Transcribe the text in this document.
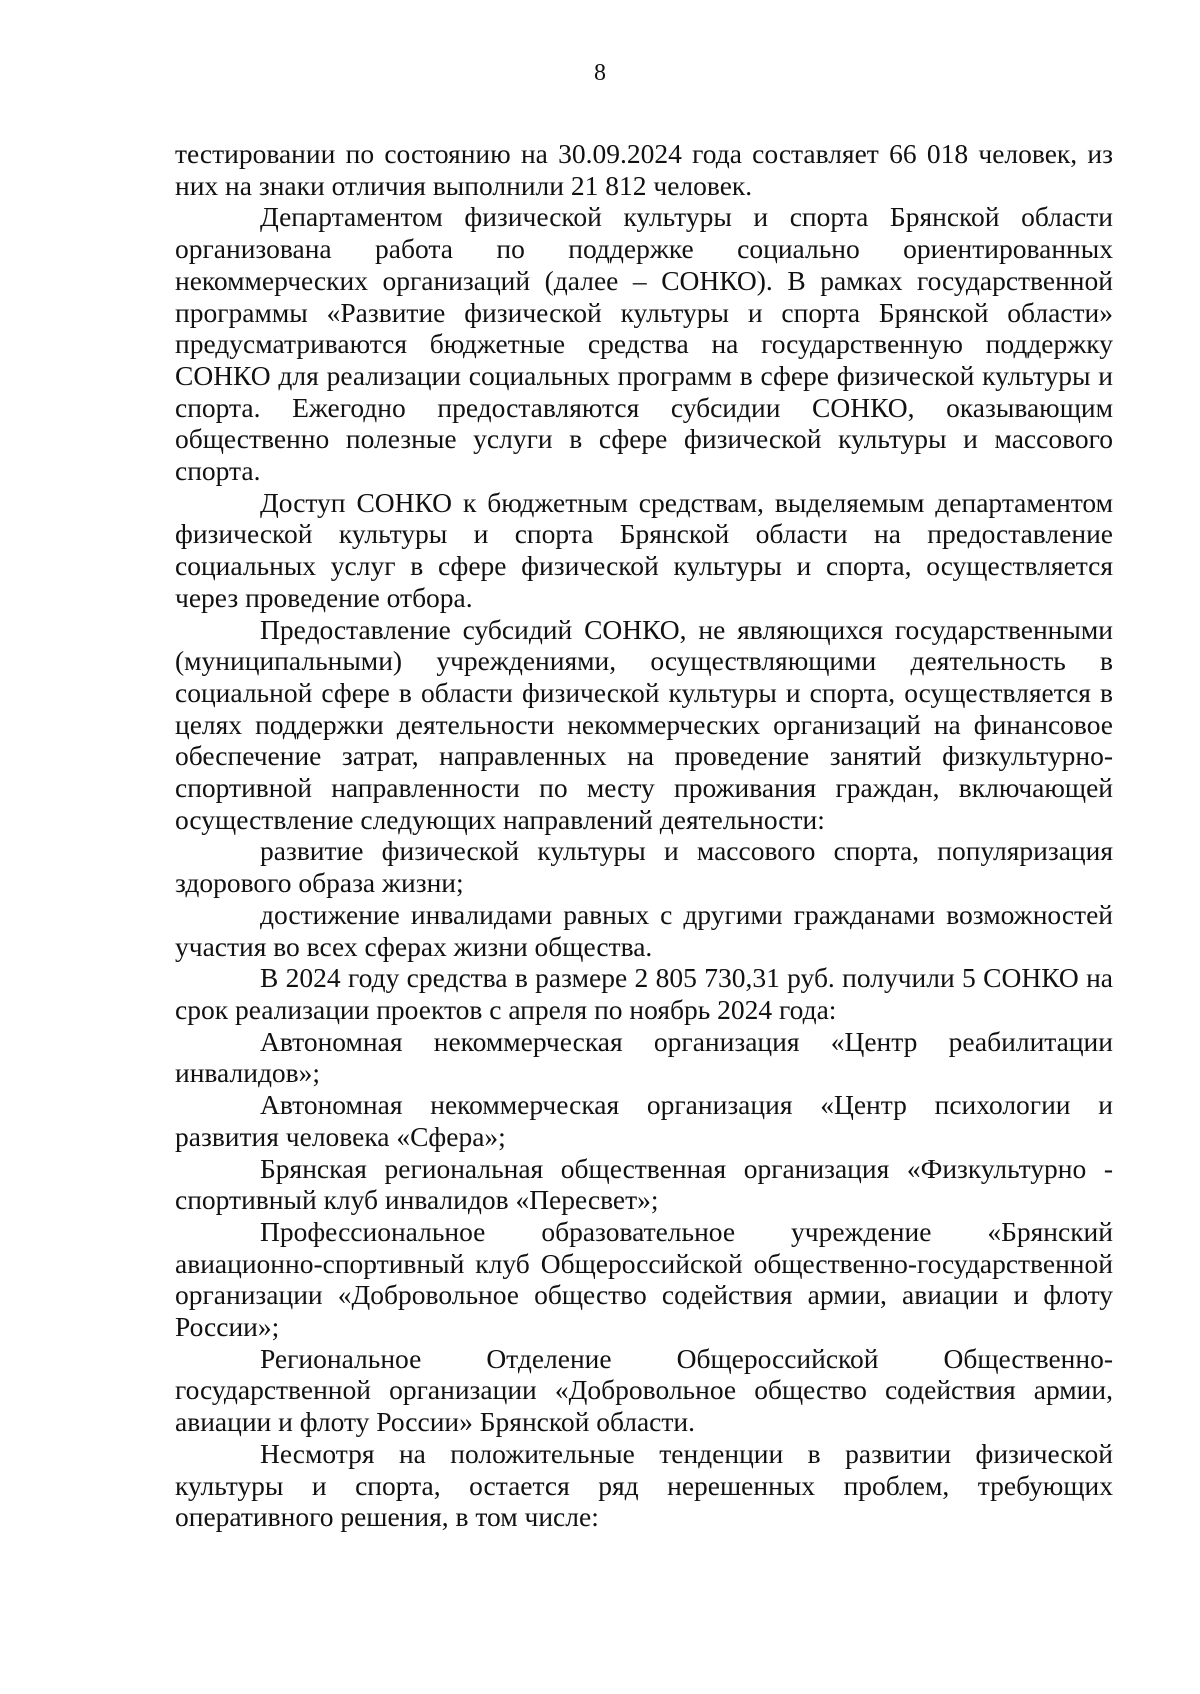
8

тестировании по состоянию на 30.09.2024 года составляет 66 018 человек, из них на знаки отличия выполнили 21 812 человек.

Департаментом физической культуры и спорта Брянской области организована работа по поддержке социально ориентированных некоммерческих организаций (далее – СОНКО). В рамках государственной программы «Развитие физической культуры и спорта Брянской области» предусматриваются бюджетные средства на государственную поддержку СОНКО для реализации социальных программ в сфере физической культуры и спорта. Ежегодно предоставляются субсидии СОНКО, оказывающим общественно полезные услуги в сфере физической культуры и массового спорта.

Доступ СОНКО к бюджетным средствам, выделяемым департаментом физической культуры и спорта Брянской области на предоставление социальных услуг в сфере физической культуры и спорта, осуществляется через проведение отбора.

Предоставление субсидий СОНКО, не являющихся государственными (муниципальными) учреждениями, осуществляющими деятельность в социальной сфере в области физической культуры и спорта, осуществляется в целях поддержки деятельности некоммерческих организаций на финансовое обеспечение затрат, направленных на проведение занятий физкультурно-спортивной направленности по месту проживания граждан, включающей осуществление следующих направлений деятельности:

развитие физической культуры и массового спорта, популяризация здорового образа жизни;

достижение инвалидами равных с другими гражданами возможностей участия во всех сферах жизни общества.

В 2024 году средства в размере 2 805 730,31 руб. получили 5 СОНКО на срок реализации проектов с апреля по ноябрь 2024 года:

Автономная некоммерческая организация «Центр реабилитации инвалидов»;

Автономная некоммерческая организация «Центр психологии и развития человека «Сфера»;

Брянская региональная общественная организация «Физкультурно - спортивный клуб инвалидов «Пересвет»;

Профессиональное образовательное учреждение «Брянский авиационно-спортивный клуб Общероссийской общественно-государственной организации «Добровольное общество содействия армии, авиации и флоту России»;

Региональное Отделение Общероссийской Общественно-государственной организации «Добровольное общество содействия армии, авиации и флоту России» Брянской области.

Несмотря на положительные тенденции в развитии физической культуры и спорта, остается ряд нерешенных проблем, требующих оперативного решения, в том числе:
